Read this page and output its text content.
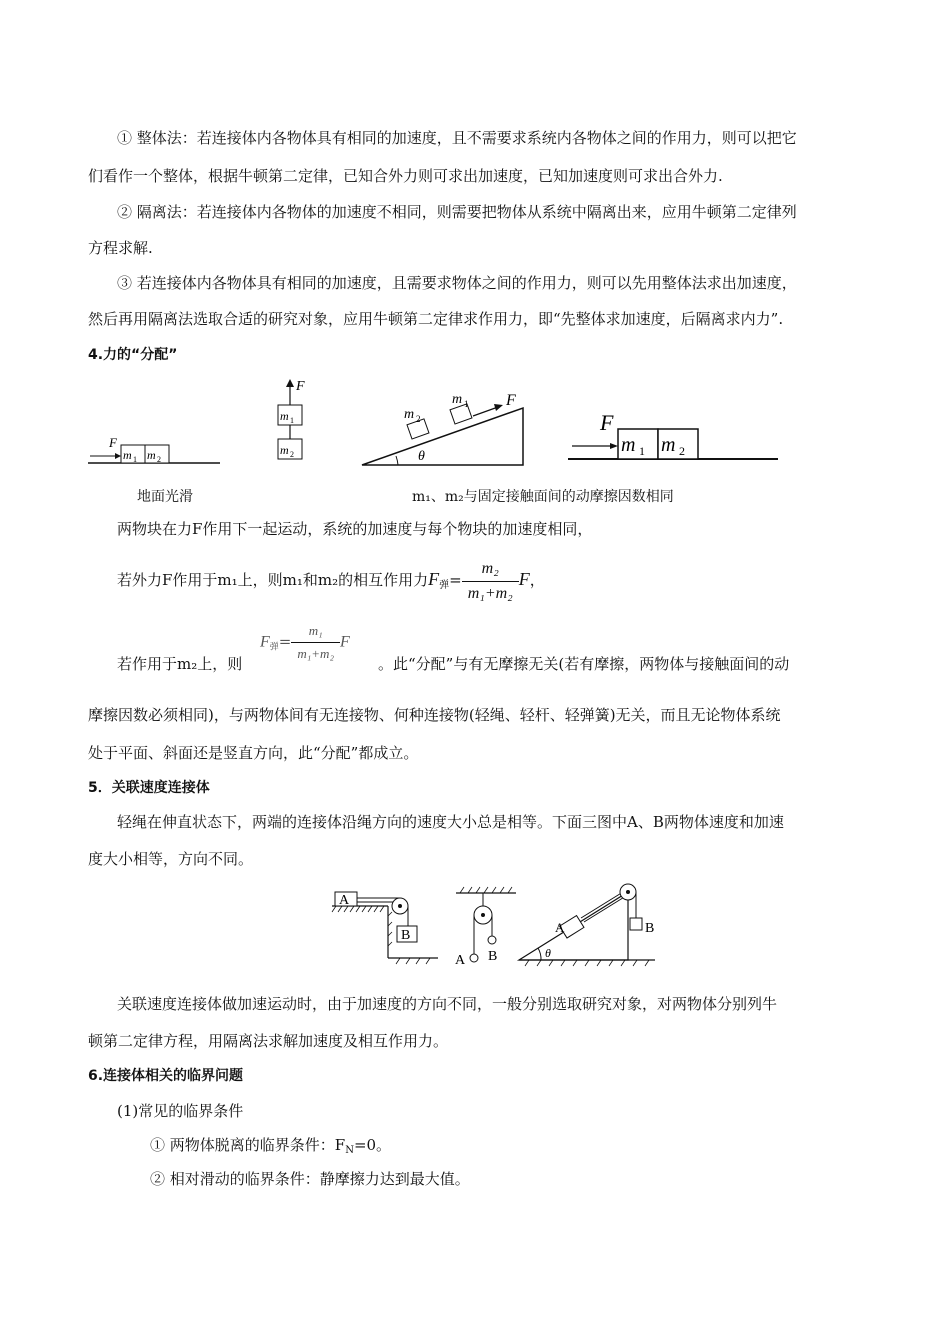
① 整体法：若连接体内各物体具有相同的加速度，且不需要求系统内各物体之间的作用力，则可以把它
们看作一个整体，根据牛顿第二定律，已知合外力则可求出加速度，已知加速度则可求出合外力.
② 隔离法：若连接体内各物体的加速度不相同，则需要把物体从系统中隔离出来，应用牛顿第二定律列
方程求解.
③ 若连接体内各物体具有相同的加速度，且需要求物体之间的作用力，则可以先用整体法求出加速度，
然后再用隔离法选取合适的研究对象，应用牛顿第二定律求作用力，即“先整体求加速度，后隔离求内力”.
4.力的“分配”
F
m 1 m 2
F
m 1
m 2	θ
F
m 2
m 1
F
m 1 m 2
地面光滑	m₁、m₂与固定接触面间的动摩擦因数相同
两物块在力F作用下一起运动，系统的加速度与每个物块的加速度相同，
若外力F作用于m₁上，则m₁和m₂的相互作用力$F_弹= \frac{\text{m₂}}{\text{m₁+m₂}}$ F，
$F_弹= \frac{\text{m₁}}{\text{m₁+m₂}}$ F
若作用于m₂上，则	。此“分配”与有无摩擦无关(若有摩擦，两物体与接触面间的动
摩擦因数必须相同)，与两物体间有无连接物、何种连接物(轻绳、轻杆、轻弹簧)无关，而且无论物体系统
处于平面、斜面还是竖直方向，此“分配”都成立。
5．关联速度连接体
轻绳在伸直状态下，两端的连接体沿绳方向的速度大小总是相等。下面三图中A、B两物体速度和加速
度大小相等，方向不同。
A
B
A B	θ
B
A
关联速度连接体做加速运动时，由于加速度的方向不同，一般分别选取研究对象，对两物体分别列牛
顿第二定律方程，用隔离法求解加速度及相互作用力。
6.连接体相关的临界问题
(1)常见的临界条件
① 两物体脱离的临界条件：$F_N=0$。
② 相对滑动的临界条件：静摩擦力达到最大值。
